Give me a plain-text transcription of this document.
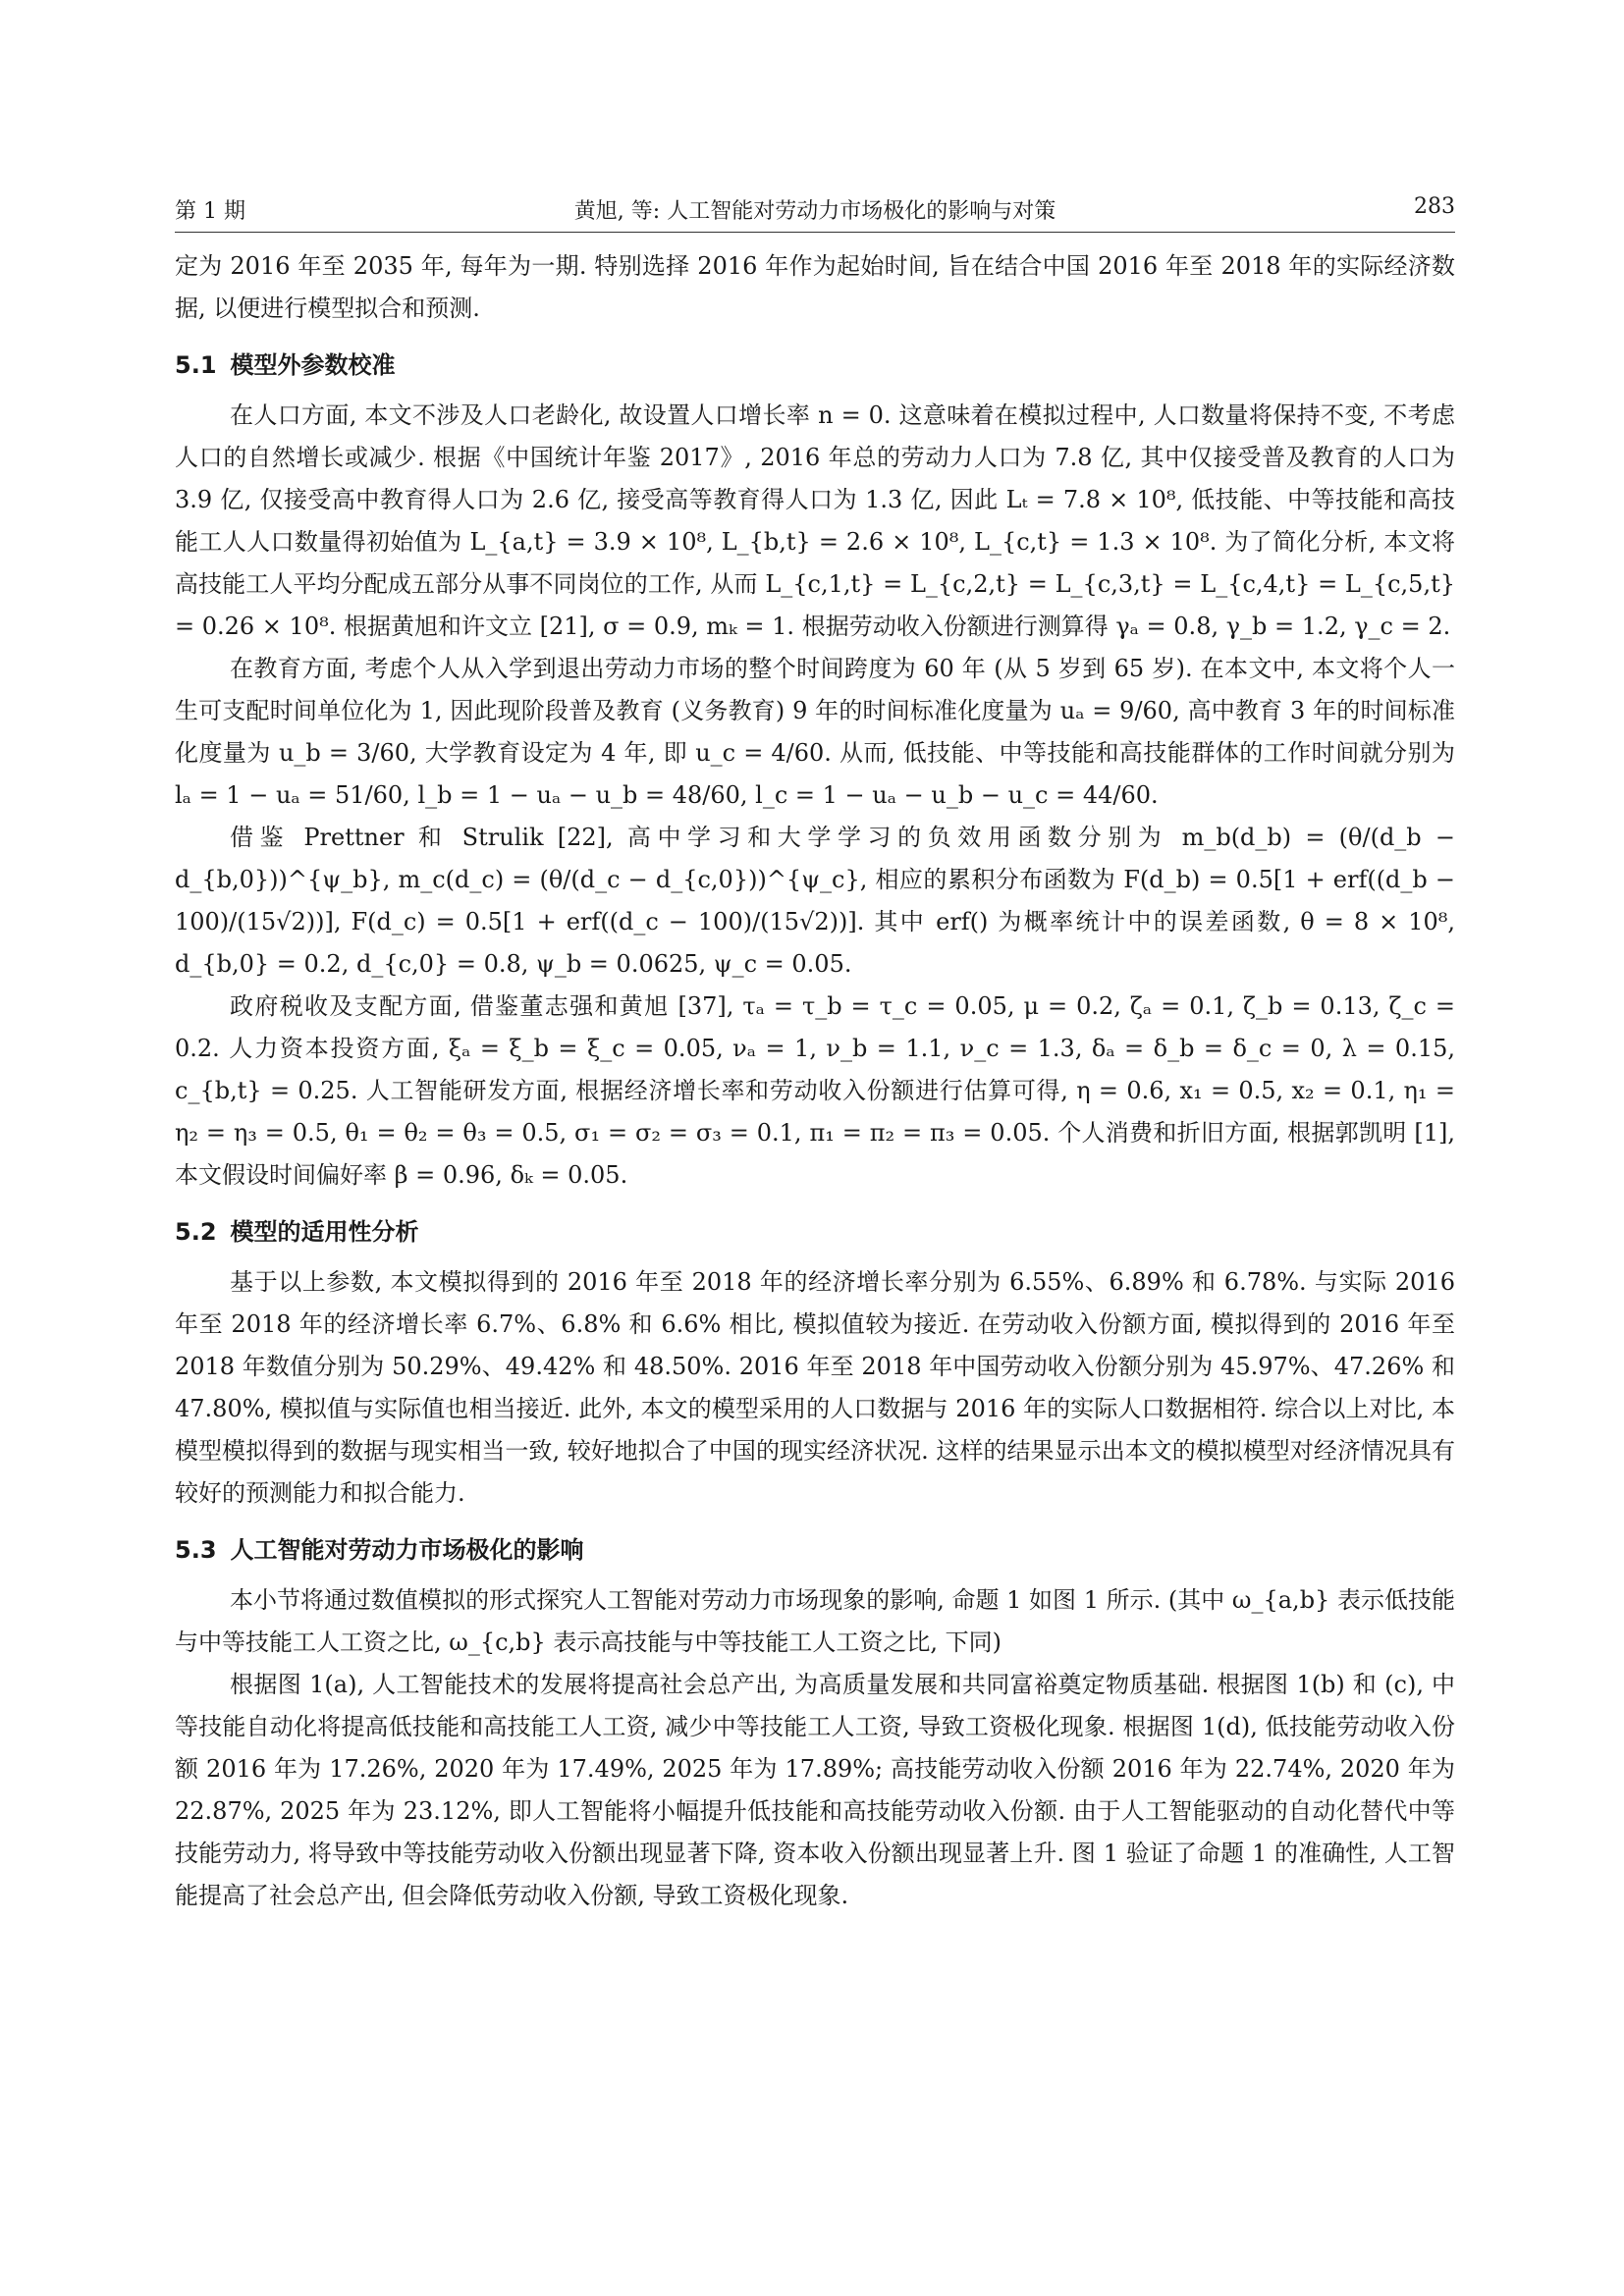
第 1 期	黄旭, 等: 人工智能对劳动力市场极化的影响与对策	283

定为 2016 年至 2035 年, 每年为一期. 特别选择 2016 年作为起始时间, 旨在结合中国 2016 年至 2018 年的实际经济数据, 以便进行模型拟合和预测.

5.1 模型外参数校准

在人口方面, 本文不涉及人口老龄化, 故设置人口增长率 n = 0. 这意味着在模拟过程中, 人口数量将保持不变, 不考虑人口的自然增长或减少. 根据《中国统计年鉴 2017》, 2016 年总的劳动力人口为 7.8 亿, 其中仅接受普及教育的人口为 3.9 亿, 仅接受高中教育得人口为 2.6 亿, 接受高等教育得人口为 1.3 亿, 因此 Lₜ = 7.8 × 10⁸, 低技能、中等技能和高技能工人人口数量得初始值为 L_{a,t} = 3.9 × 10⁸, L_{b,t} = 2.6 × 10⁸, L_{c,t} = 1.3 × 10⁸. 为了简化分析, 本文将高技能工人平均分配成五部分从事不同岗位的工作, 从而 L_{c,1,t} = L_{c,2,t} = L_{c,3,t} = L_{c,4,t} = L_{c,5,t} = 0.26 × 10⁸. 根据黄旭和许文立 [21], σ = 0.9, mₖ = 1. 根据劳动收入份额进行测算得 γₐ = 0.8, γ_b = 1.2, γ_c = 2.

在教育方面, 考虑个人从入学到退出劳动力市场的整个时间跨度为 60 年 (从 5 岁到 65 岁). 在本文中, 本文将个人一生可支配时间单位化为 1, 因此现阶段普及教育 (义务教育) 9 年的时间标准化度量为 uₐ = 9/60, 高中教育 3 年的时间标准化度量为 u_b = 3/60, 大学教育设定为 4 年, 即 u_c = 4/60. 从而, 低技能、中等技能和高技能群体的工作时间就分别为 lₐ = 1 − uₐ = 51/60, l_b = 1 − uₐ − u_b = 48/60, l_c = 1 − uₐ − u_b − u_c = 44/60.

借鉴 Prettner 和 Strulik [22], 高中学习和大学学习的负效用函数分别为 m_b(d_b) = (θ/(d_b − d_{b,0}))^{ψ_b}, m_c(d_c) = (θ/(d_c − d_{c,0}))^{ψ_c}, 相应的累积分布函数为 F(d_b) = 0.5[1 + erf((d_b − 100)/(15√2))], F(d_c) = 0.5[1 + erf((d_c − 100)/(15√2))]. 其中 erf() 为概率统计中的误差函数, θ = 8 × 10⁸, d_{b,0} = 0.2, d_{c,0} = 0.8, ψ_b = 0.0625, ψ_c = 0.05.

政府税收及支配方面, 借鉴董志强和黄旭 [37], τₐ = τ_b = τ_c = 0.05, μ = 0.2, ζₐ = 0.1, ζ_b = 0.13, ζ_c = 0.2. 人力资本投资方面, ξₐ = ξ_b = ξ_c = 0.05, νₐ = 1, ν_b = 1.1, ν_c = 1.3, δₐ = δ_b = δ_c = 0, λ = 0.15, c_{b,t} = 0.25. 人工智能研发方面, 根据经济增长率和劳动收入份额进行估算可得, η = 0.6, x₁ = 0.5, x₂ = 0.1, η₁ = η₂ = η₃ = 0.5, θ₁ = θ₂ = θ₃ = 0.5, σ₁ = σ₂ = σ₃ = 0.1, π₁ = π₂ = π₃ = 0.05. 个人消费和折旧方面, 根据郭凯明 [1], 本文假设时间偏好率 β = 0.96, δₖ = 0.05.

5.2 模型的适用性分析

基于以上参数, 本文模拟得到的 2016 年至 2018 年的经济增长率分别为 6.55%、6.89% 和 6.78%. 与实际 2016 年至 2018 年的经济增长率 6.7%、6.8% 和 6.6% 相比, 模拟值较为接近. 在劳动收入份额方面, 模拟得到的 2016 年至 2018 年数值分别为 50.29%、49.42% 和 48.50%. 2016 年至 2018 年中国劳动收入份额分别为 45.97%、47.26% 和 47.80%, 模拟值与实际值也相当接近. 此外, 本文的模型采用的人口数据与 2016 年的实际人口数据相符. 综合以上对比, 本模型模拟得到的数据与现实相当一致, 较好地拟合了中国的现实经济状况. 这样的结果显示出本文的模拟模型对经济情况具有较好的预测能力和拟合能力.

5.3 人工智能对劳动力市场极化的影响

本小节将通过数值模拟的形式探究人工智能对劳动力市场现象的影响, 命题 1 如图 1 所示. (其中 ω_{a,b} 表示低技能与中等技能工人工资之比, ω_{c,b} 表示高技能与中等技能工人工资之比, 下同)

根据图 1(a), 人工智能技术的发展将提高社会总产出, 为高质量发展和共同富裕奠定物质基础. 根据图 1(b) 和 (c), 中等技能自动化将提高低技能和高技能工人工资, 减少中等技能工人工资, 导致工资极化现象. 根据图 1(d), 低技能劳动收入份额 2016 年为 17.26%, 2020 年为 17.49%, 2025 年为 17.89%; 高技能劳动收入份额 2016 年为 22.74%, 2020 年为 22.87%, 2025 年为 23.12%, 即人工智能将小幅提升低技能和高技能劳动收入份额. 由于人工智能驱动的自动化替代中等技能劳动力, 将导致中等技能劳动收入份额出现显著下降, 资本收入份额出现显著上升. 图 1 验证了命题 1 的准确性, 人工智能提高了社会总产出, 但会降低劳动收入份额, 导致工资极化现象.
